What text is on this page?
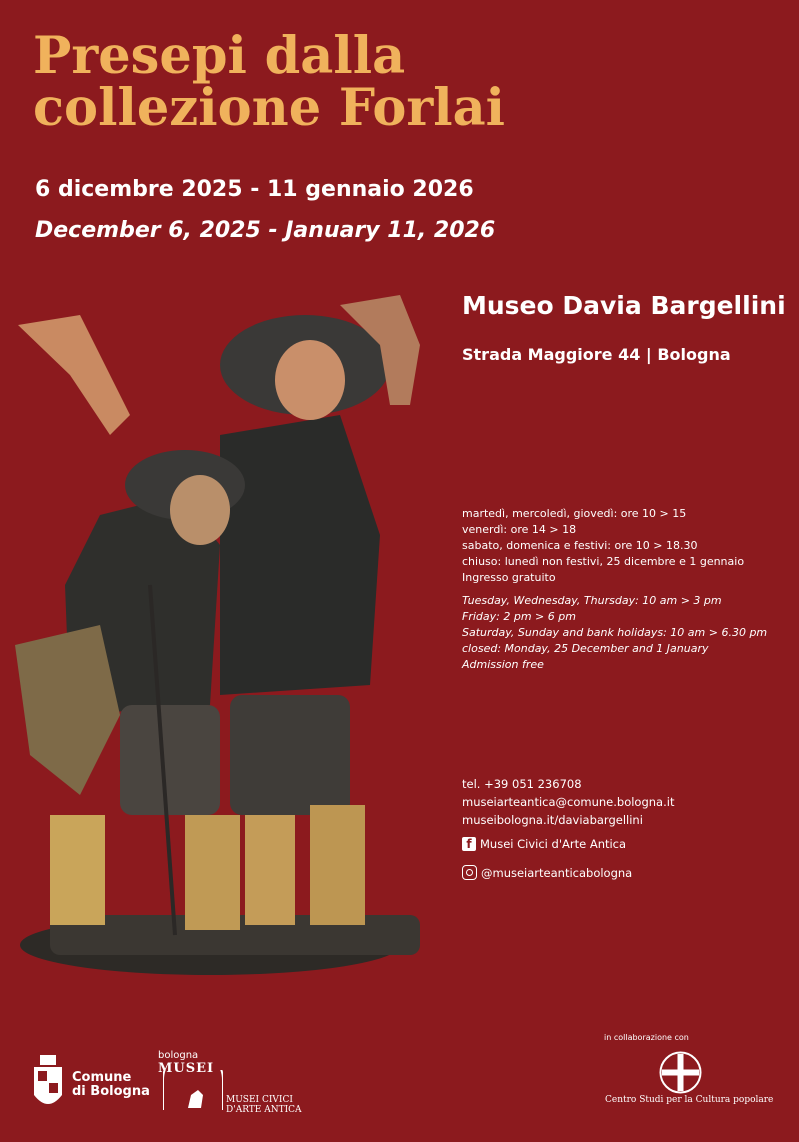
Presepi dalla
collezione Forlai
6 dicembre 2025 - 11 gennaio 2026
December 6, 2025 - January 11, 2026
Museo Davia Bargellini
Strada Maggiore 44 | Bologna
martedì, mercoledì, giovedì: ore 10 > 15
venerdì: ore 14 > 18
sabato, domenica e festivi: ore 10 > 18.30
chiuso: lunedì non festivi, 25 dicembre e 1 gennaio
Ingresso gratuito
Tuesday, Wednesday, Thursday: 10 am > 3 pm
Friday: 2 pm > 6 pm
Saturday, Sunday and bank holidays: 10 am > 6.30 pm
closed: Monday, 25 December and 1 January
Admission free
tel. +39 051 236708
museiarteantica@comune.bologna.it
museibologna.it/daviabargellini
f Musei Civici d'Arte Antica
@museiarteanticabologna
Comune
di Bologna
bologna
MUSEI
MUSEI CIVICI
D'ARTE ANTICA
in collaborazione con
Centro Studi per la Cultura popolare
